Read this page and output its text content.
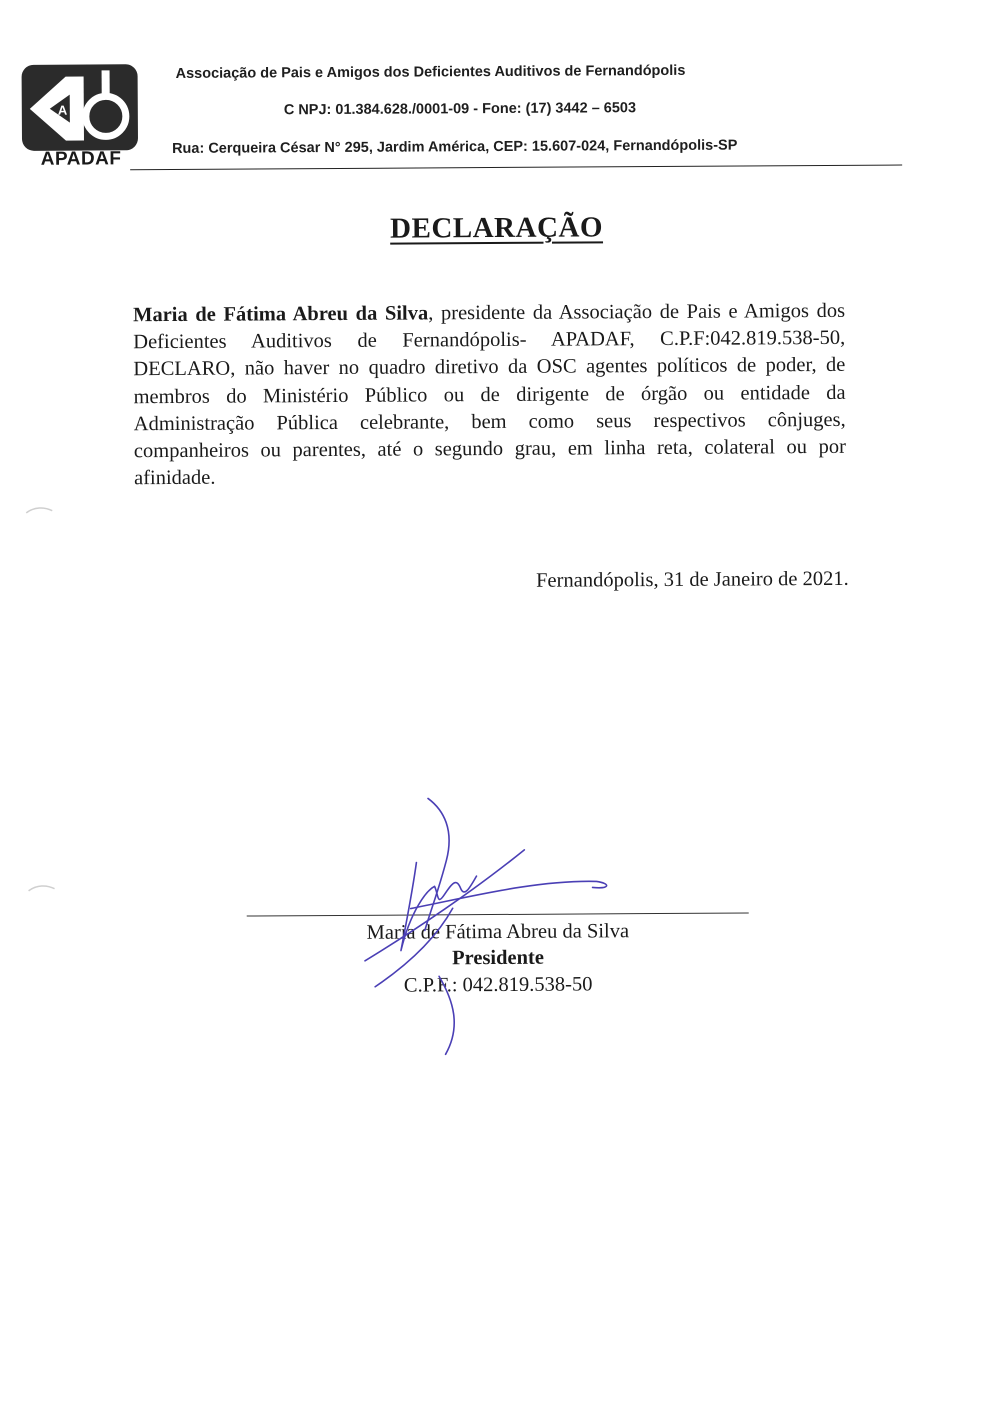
A
APADAF
Associação de Pais e Amigos dos Deficientes Auditivos de Fernandópolis
C NPJ: 01.384.628./0001-09 - Fone: (17) 3442 – 6503
Rua: Cerqueira César N° 295, Jardim América, CEP: 15.607-024, Fernandópolis-SP
DECLARAÇÃO
Maria de Fátima Abreu da Silva, presidente da Associação de Pais e Amigos dos Deficientes Auditivos de Fernandópolis- APADAF, C.P.F:042.819.538-50, DECLARO, não haver no quadro diretivo da OSC agentes políticos de poder, de membros do Ministério Público ou de dirigente de órgão ou entidade da Administração Pública celebrante, bem como seus respectivos cônjuges, companheiros ou parentes, até o segundo grau, em linha reta, colateral ou por afinidade.
Fernandópolis, 31 de Janeiro de 2021.
Maria de Fátima Abreu da Silva
Presidente
C.P.F.: 042.819.538-50
